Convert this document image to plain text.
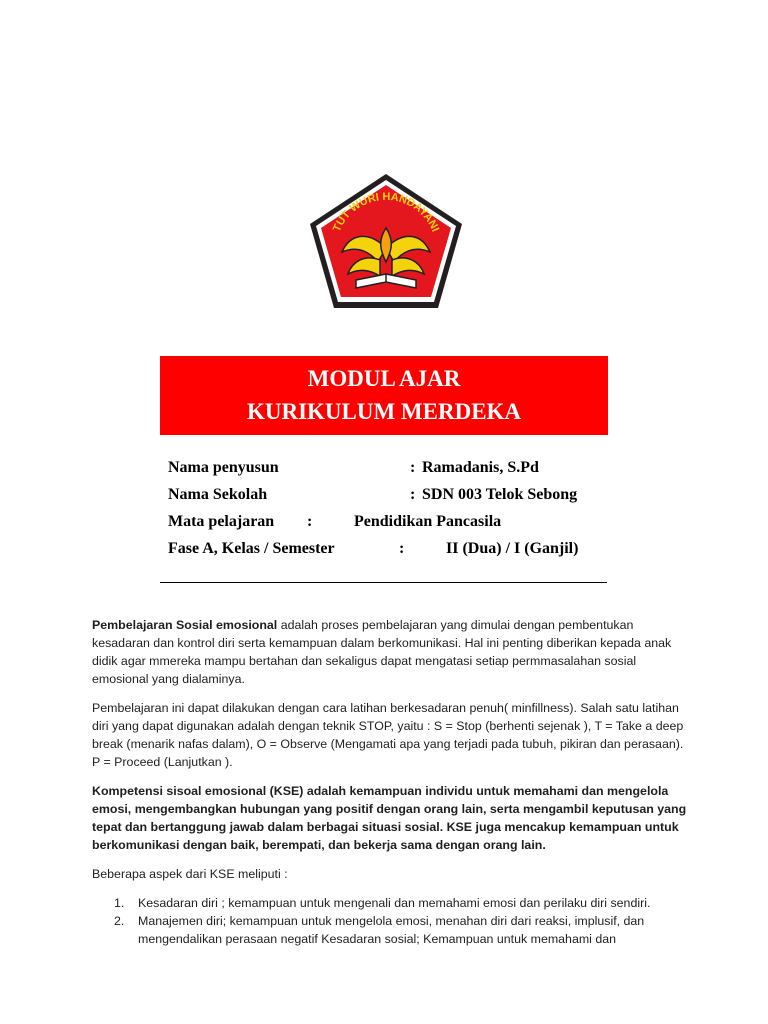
TUT WURI HANDAYANI
MODUL AJAR
KURIKULUM MERDEKA
Nama penyusun	: Ramadanis, S.Pd
Nama Sekolah	: SDN 003 Telok Sebong
Mata pelajaran :	Pendidikan Pancasila
Fase A, Kelas / Semester	:	II (Dua) / I (Ganjil)

Pembelajaran Sosial emosional adalah proses pembelajaran yang dimulai dengan pembentukan kesadaran dan kontrol diri serta kemampuan dalam berkomunikasi. Hal ini penting diberikan kepada anak didik agar mmereka mampu bertahan dan sekaligus dapat mengatasi setiap permmasalahan sosial emosional yang dialaminya.

Pembelajaran ini dapat dilakukan dengan cara latihan berkesadaran penuh( minfillness). Salah satu latihan diri yang dapat digunakan adalah dengan teknik STOP, yaitu : S = Stop (berhenti sejenak ), T = Take a deep break (menarik nafas dalam), O = Observe (Mengamati apa yang terjadi pada tubuh, pikiran dan perasaan). P = Proceed (Lanjutkan ).

Kompetensi sisoal emosional (KSE) adalah kemampuan individu untuk memahami dan mengelola emosi, mengembangkan hubungan yang positif dengan orang lain, serta mengambil keputusan yang tepat dan bertanggung jawab dalam berbagai situasi sosial. KSE juga mencakup kemampuan untuk berkomunikasi dengan baik, berempati, dan bekerja sama dengan orang lain.

Beberapa aspek dari KSE meliputi :

1. Kesadaran diri ; kemampuan untuk mengenali dan memahami emosi dan perilaku diri sendiri.
2. Manajemen diri; kemampuan untuk mengelola emosi, menahan diri dari reaksi, implusif, dan mengendalikan perasaan negatif Kesadaran sosial; Kemampuan untuk memahami dan
